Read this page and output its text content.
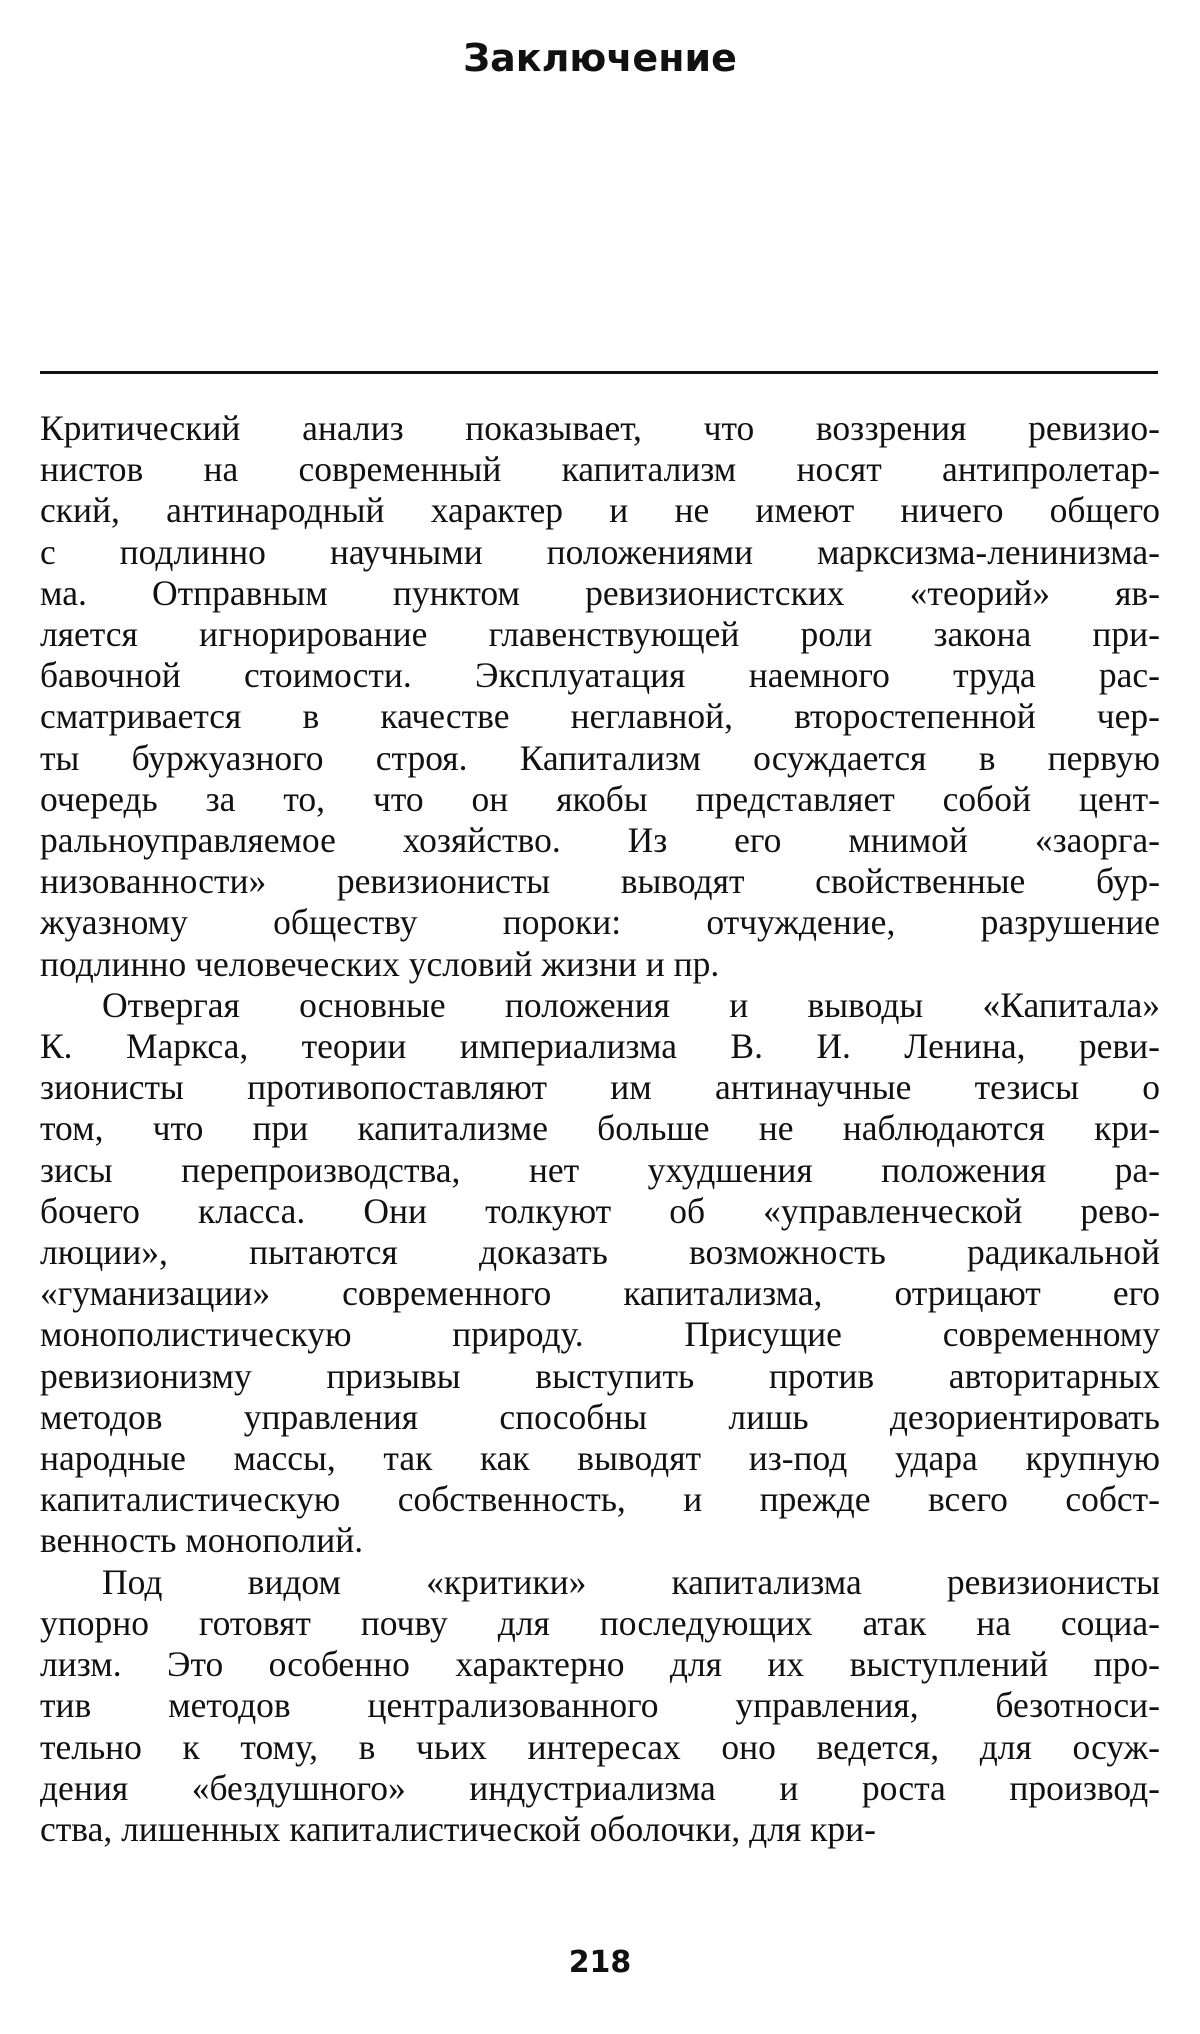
Заключение

Критический анализ показывает, что воззрения ревизио-
нистов на современный капитализм носят антипролетар-
ский, антинародный характер и не имеют ничего общего
с подлинно научными положениями марксизма-ленинизма-
ма. Отправным пунктом ревизионистских «теорий» яв-
ляется игнорирование главенствующей роли закона при-
бавочной стоимости. Эксплуатация наемного труда рас-
сматривается в качестве неглавной, второстепенной чер-
ты буржуазного строя. Капитализм осуждается в первую
очередь за то, что он якобы представляет собой цент-
ральноуправляемое хозяйство. Из его мнимой «заорга-
низованности» ревизионисты выводят свойственные бур-
жуазному обществу пороки: отчуждение, разрушение
подлинно человеческих условий жизни и пр.

Отвергая основные положения и выводы «Капитала»
К. Маркса, теории империализма В. И. Ленина, реви-
зионисты противопоставляют им антинаучные тезисы о
том, что при капитализме больше не наблюдаются кри-
зисы перепроизводства, нет ухудшения положения ра-
бочего класса. Они толкуют об «управленческой рево-
люции», пытаются доказать возможность радикальной
«гуманизации» современного капитализма, отрицают его
монополистическую природу. Присущие современному
ревизионизму призывы выступить против авторитарных
методов управления способны лишь дезориентировать
народные массы, так как выводят из-под удара крупную
капиталистическую собственность, и прежде всего собст-
венность монополий.

Под видом «критики» капитализма ревизионисты
упорно готовят почву для последующих атак на социа-
лизм. Это особенно характерно для их выступлений про-
тив методов централизованного управления, безотноси-
тельно к тому, в чьих интересах оно ведется, для осуж-
дения «бездушного» индустриализма и роста производ-
ства, лишенных капиталистической оболочки, для кри-

218
